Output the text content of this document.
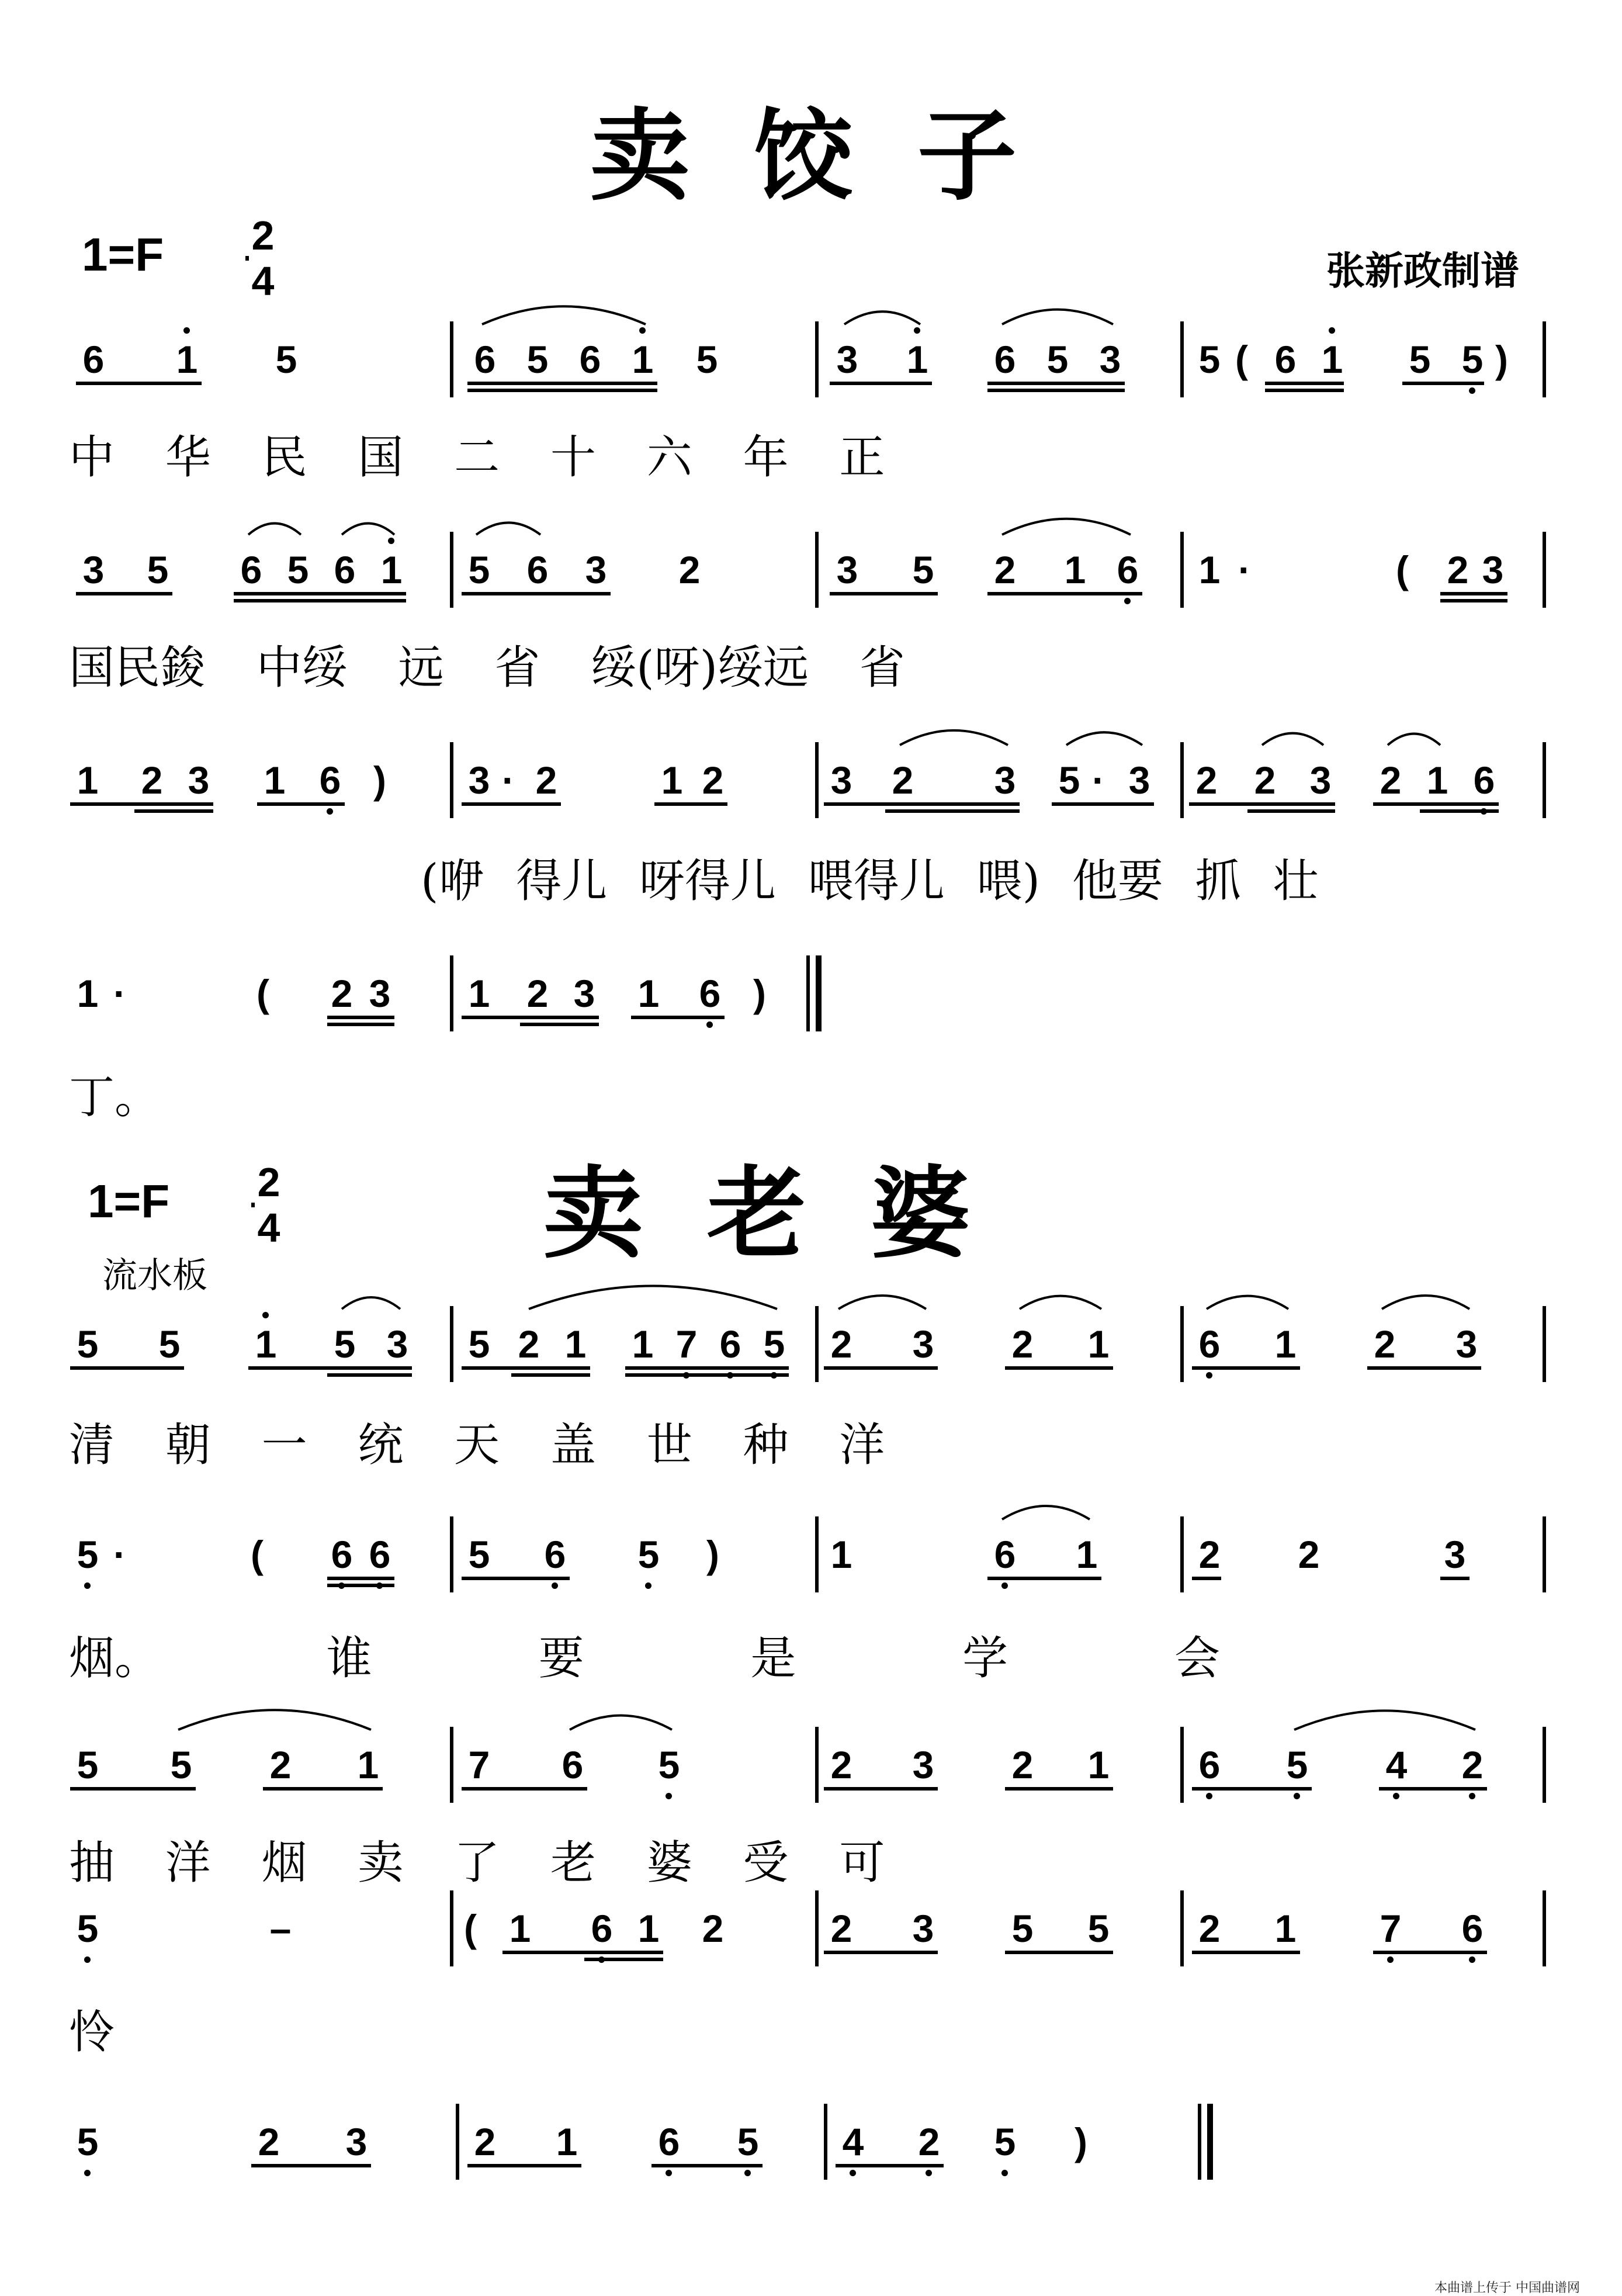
卖饺子
1=F 2
4	张新政制谱
卖老婆
1=F 2
4
流水板
中 华 民 国 二 十 六 年 正
国民鋑 中绥 远 省 绥(呀)绥远 省
(咿 得儿 呀得儿 喂得儿 喂) 他要 抓 壮
丁。
清 朝 一 统 天 盖 世 种 洋
烟。 谁 要 是 学 会
抽 洋 烟 卖 了 老 婆 受 可
怜
6 1 5	6 5 6 1 5	3 1 6 5 3 5 ( 6 1 5 5 )
3 5 6 5 6 1 5 6 3 2	3 5 2 1 6 1 ·	( 2 3
1 2 3 1 6 ) 3 · 2	1 2	3 2 3 5 · 3 2 2 3 2 1 6
1 ·	( 2 3 1 2 3 1 6 )
5 5 1 5 3 5 2 1 1 7 6 5 2 3 2 1 6 1 2 3
5 ·	( 6 6 5 6 5 )	1	6 1	2 2	3
5 5 2 1 7 6 5	2 3 2 1 6 5 4 2
5	–	( 1 6 1 2	2 3 5 5 2 1 7 6
5	2 3	2 1 6 5 4 2 5 )
本曲谱上传于 中国曲谱网
